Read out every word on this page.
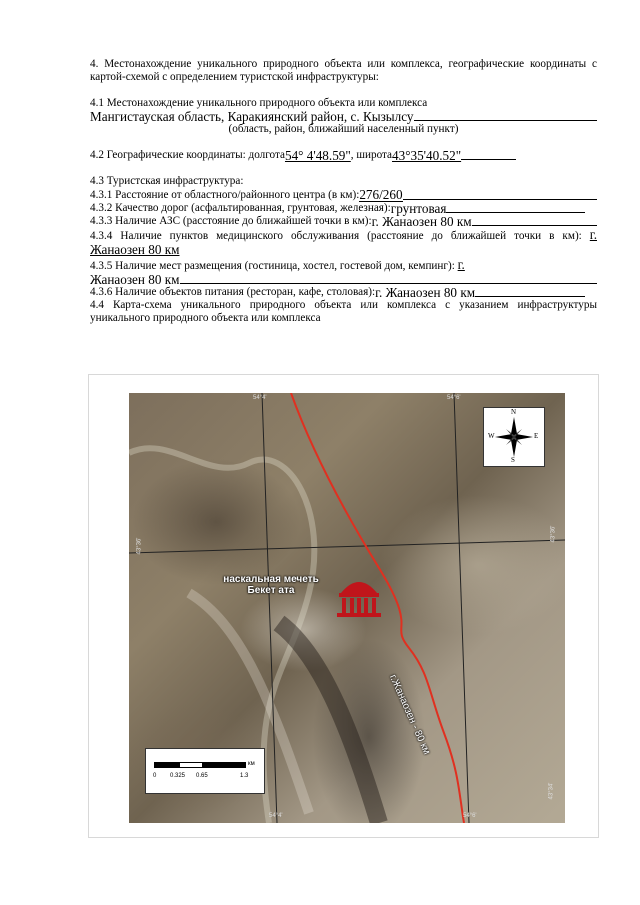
4. Местонахождение уникального природного объекта или комплекса, географические координаты с картой-схемой с определением туристской инфраструктуры:

4.1 Местонахождение уникального природного объекта или комплекса

Мангистауская область, Каракиянский район, с. Кызылсу

(область, район, ближайший населенный пункт)

4.2 Географические координаты: долгота 54° 4'48.59" , широта 43°35'40.52"

4.3 Туристская инфраструктура:

4.3.1 Расстояние от областного/районного центра (в км): 276/260
4.3.2 Качество дорог (асфальтированная, грунтовая, железная): грунтовая
4.3.3 Наличие АЗС (расстояние до ближайшей точки в км): г. Жанаозен 80 км

4.3.4 Наличие пунктов медицинского обслуживания (расстояние до ближайшей точки в км): г. Жанаозен 80 км

4.3.5 Наличие мест размещения (гостиница, хостел, гостевой дом, кемпинг): г.

Жанаозен 80 км
4.3.6 Наличие объектов питания (ресторан, кафе, столовая): г. Жанаозен 80 км

4.4 Карта-схема уникального природного объекта или комплекса с указанием инфраструктуры уникального природного объекта или комплекса

54°4'	54°6'
54°4'	54°6'
43°36'
43°36'
43°34'
N
S
W	E
наскальная мечеть
Бекет ата
г.Жанаозен - 80 км
км
0 0.325 0.65	1.3
